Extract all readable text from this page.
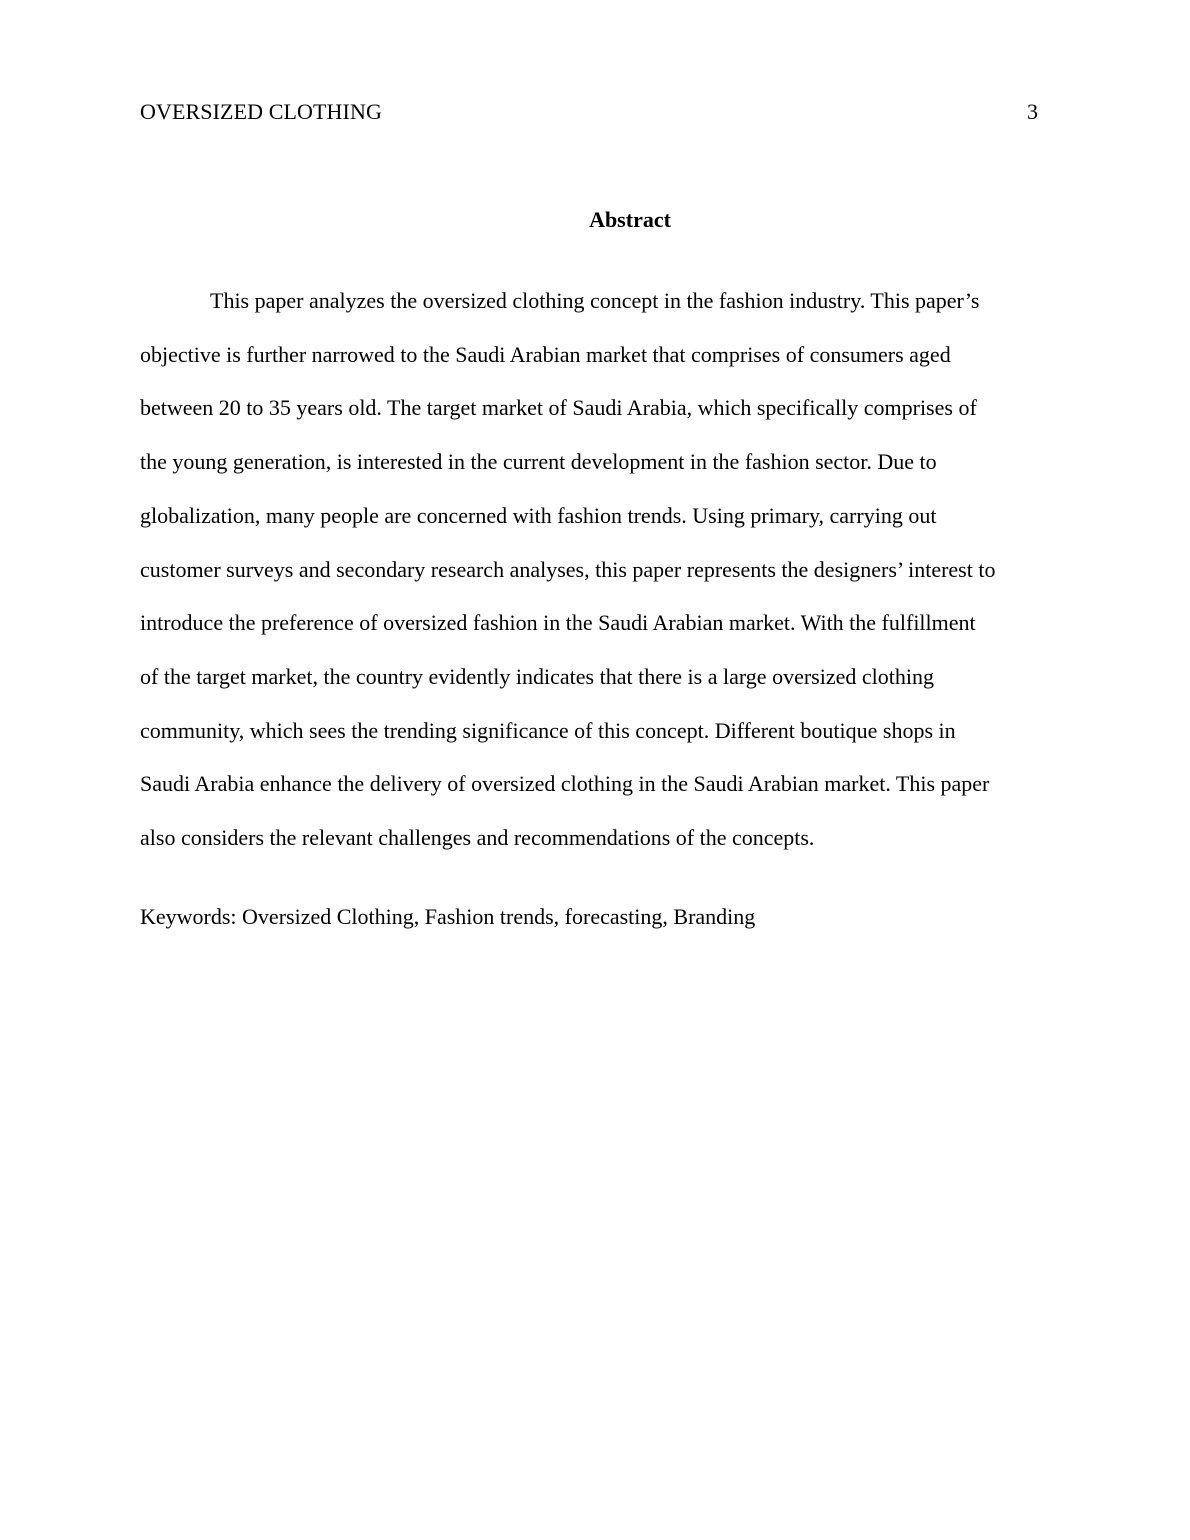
OVERSIZED CLOTHING	3
Abstract

This paper analyzes the oversized clothing concept in the fashion industry. This paper’s
objective is further narrowed to the Saudi Arabian market that comprises of consumers aged
between 20 to 35 years old. The target market of Saudi Arabia, which specifically comprises of
the young generation, is interested in the current development in the fashion sector. Due to
globalization, many people are concerned with fashion trends. Using primary, carrying out
customer surveys and secondary research analyses, this paper represents the designers’ interest to
introduce the preference of oversized fashion in the Saudi Arabian market. With the fulfillment
of the target market, the country evidently indicates that there is a large oversized clothing
community, which sees the trending significance of this concept. Different boutique shops in
Saudi Arabia enhance the delivery of oversized clothing in the Saudi Arabian market. This paper
also considers the relevant challenges and recommendations of the concepts.

Keywords: Oversized Clothing, Fashion trends, forecasting, Branding
